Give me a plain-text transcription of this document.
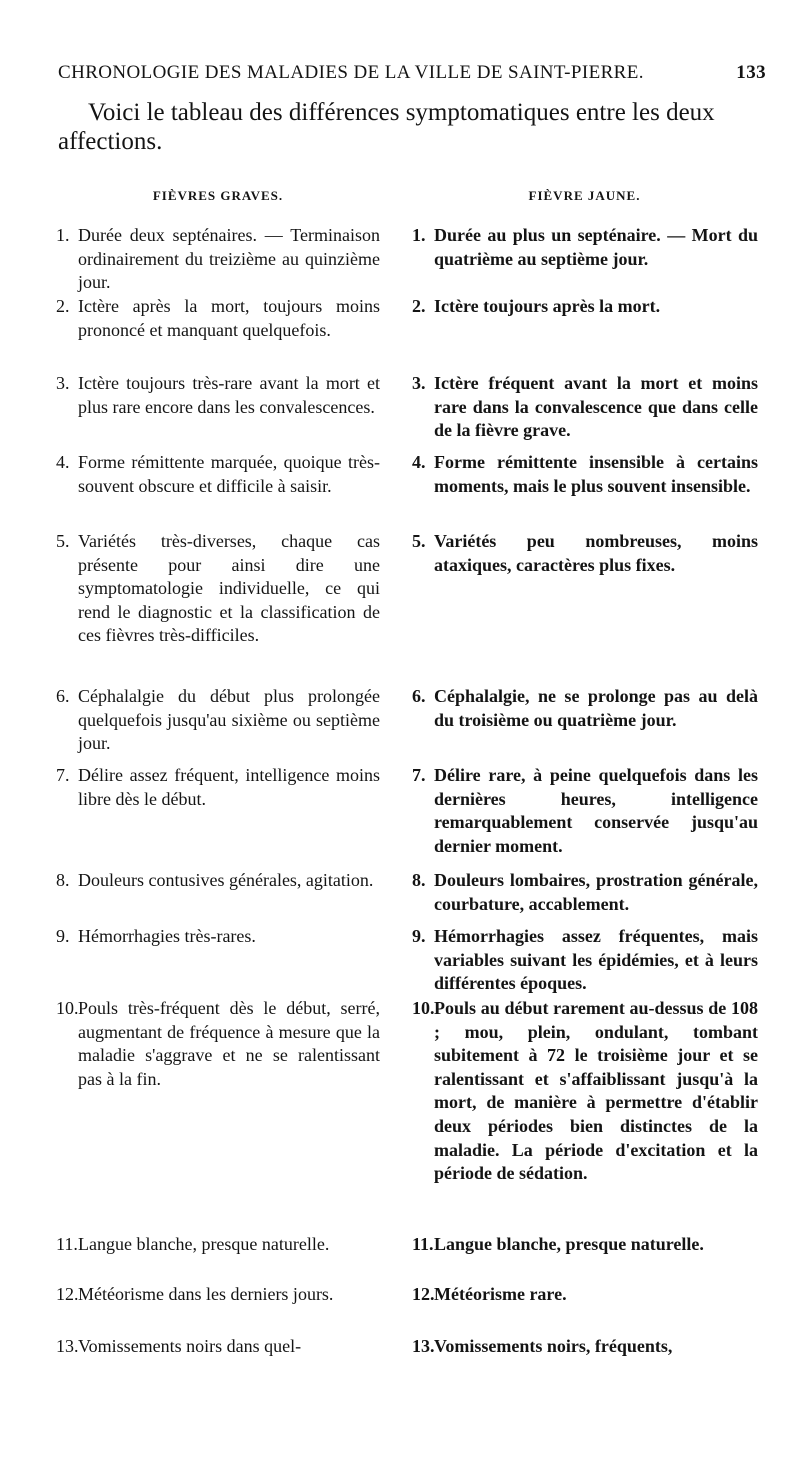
CHRONOLOGIE DES MALADIES DE LA VILLE DE SAINT-PIERRE.	133
Voici le tableau des différences symptomatiques entre les deux affections.
FIÈVRES GRAVES.	FIÈVRE JAUNE.
1. Durée deux septénaires. — Terminaison ordinairement du treizième au quinzième jour.
2. Ictère après la mort, toujours moins prononcé et manquant quelquefois.
3. Ictère toujours très-rare avant la mort et plus rare encore dans les convalescences.
4. Forme rémittente marquée, quoique très-souvent obscure et difficile à saisir.
5. Variétés très-diverses, chaque cas présente pour ainsi dire une symptomatologie individuelle, ce qui rend le diagnostic et la classification de ces fièvres très-difficiles.
6. Céphalalgie du début plus prolongée quelquefois jusqu'au sixième ou septième jour.
7. Délire assez fréquent, intelligence moins libre dès le début.
8. Douleurs contusives générales, agitation.
9. Hémorrhagies très-rares.
10.Pouls très-fréquent dès le début, serré, augmentant de fréquence à mesure que la maladie s'aggrave et ne se ralentissant pas à la fin.
11.Langue blanche, presque naturelle.
12.Météorisme dans les derniers jours.
13.Vomissements noirs dans quel-
1. Durée au plus un septénaire. — Mort du quatrième au septième jour.
2. Ictère toujours après la mort.
3. Ictère fréquent avant la mort et moins rare dans la convalescence que dans celle de la fièvre grave.
4. Forme rémittente insensible à certains moments, mais le plus souvent insensible.
5. Variétés peu nombreuses, moins ataxiques, caractères plus fixes.
6. Céphalalgie, ne se prolonge pas au delà du troisième ou quatrième jour.
7. Délire rare, à peine quelquefois dans les dernières heures, intelligence remarquablement conservée jusqu'au dernier moment.
8. Douleurs lombaires, prostration générale, courbature, accablement.
9. Hémorrhagies assez fréquentes, mais variables suivant les épidémies, et à leurs différentes époques.
10.Pouls au début rarement au-dessus de 108 ; mou, plein, ondulant, tombant subitement à 72 le troisième jour et se ralentissant et s'affaiblissant jusqu'à la mort, de manière à permettre d'établir deux périodes bien distinctes de la maladie. La période d'excitation et la période de sédation.
11.Langue blanche, presque naturelle.
12.Météorisme rare.
13.Vomissements noirs, fréquents,
